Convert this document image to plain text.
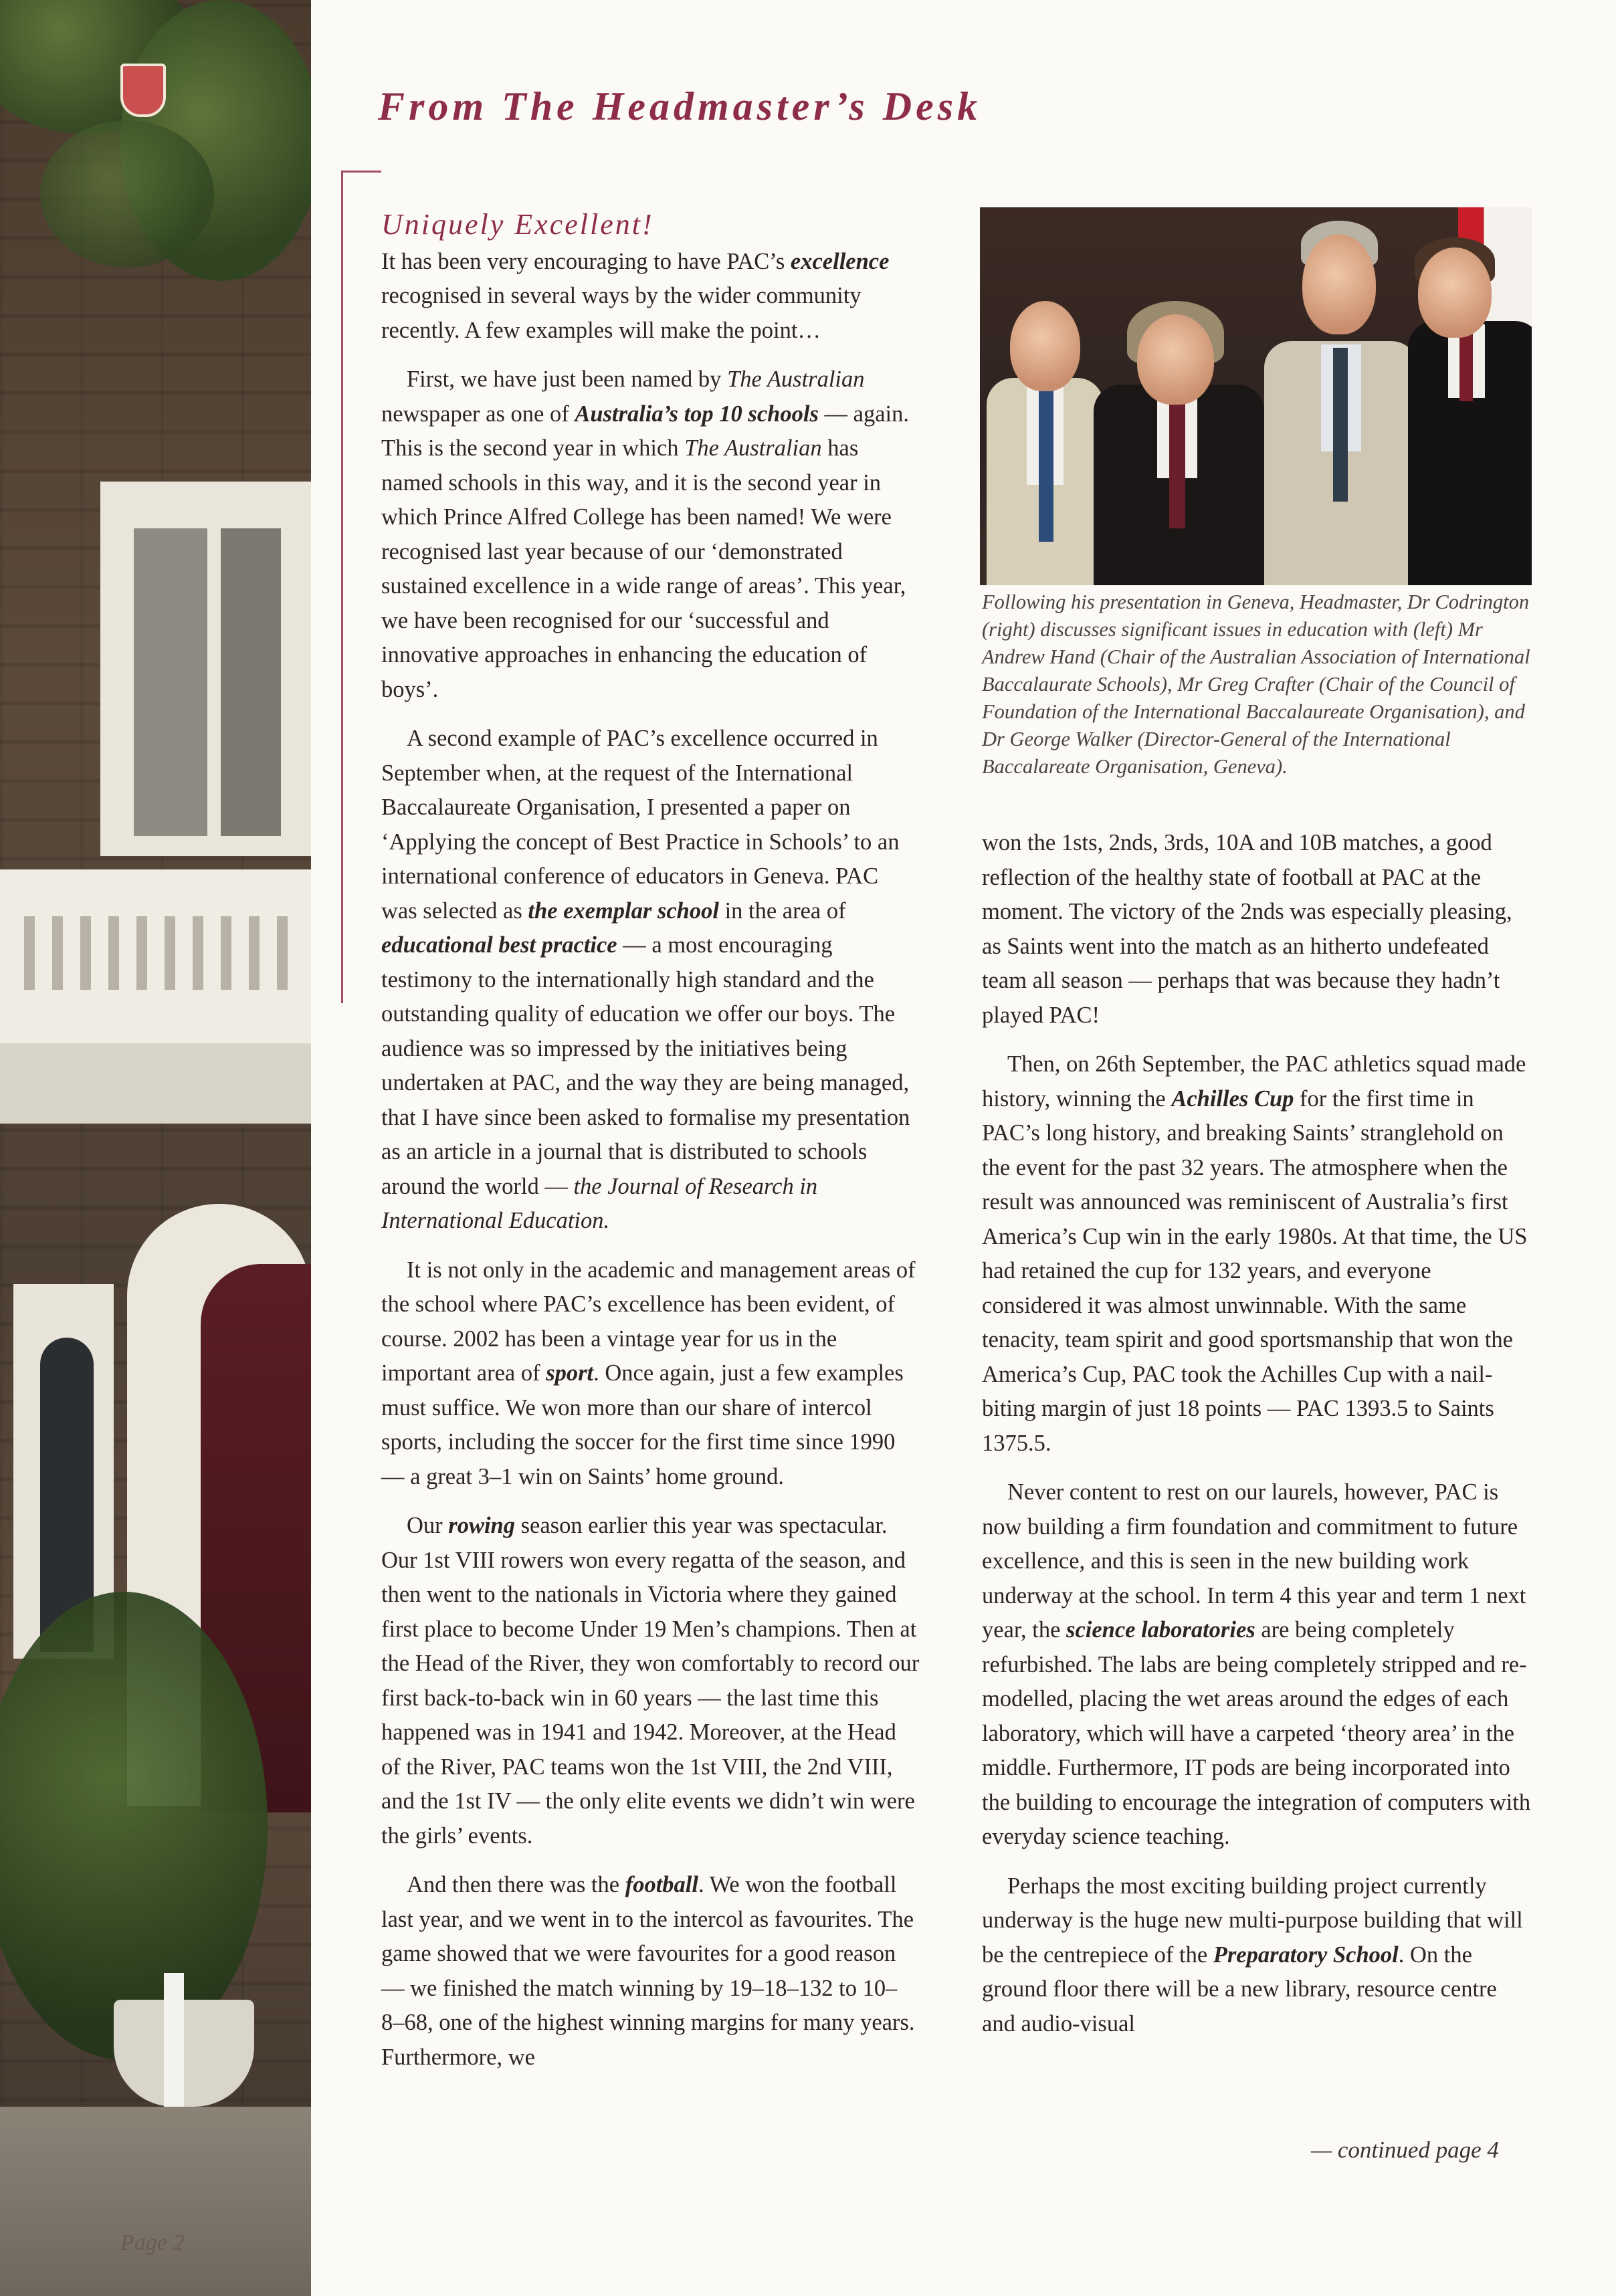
Page 2
From The Headmaster’s Desk
Uniquely Excellent!

It has been very encouraging to have PAC’s excellence recognised in several ways by the wider community recently. A few examples will make the point…

First, we have just been named by The Australian newspaper as one of Australia’s top 10 schools — again. This is the second year in which The Australian has named schools in this way, and it is the second year in which Prince Alfred College has been named! We were recognised last year because of our ‘demonstrated sustained excellence in a wide range of areas’. This year, we have been recognised for our ‘successful and innovative approaches in enhancing the education of boys’.

A second example of PAC’s excellence occurred in September when, at the request of the International Baccalaureate Organisation, I presented a paper on ‘Applying the concept of Best Practice in Schools’ to an international conference of educators in Geneva. PAC was selected as the exemplar school in the area of educational best practice — a most encouraging testimony to the internationally high standard and the outstanding quality of education we offer our boys. The audience was so impressed by the initiatives being undertaken at PAC, and the way they are being managed, that I have since been asked to formalise my presentation as an article in a journal that is distributed to schools around the world — the Journal of Research in International Education.

It is not only in the academic and management areas of the school where PAC’s excellence has been evident, of course. 2002 has been a vintage year for us in the important area of sport. Once again, just a few examples must suffice. We won more than our share of intercol sports, including the soccer for the first time since 1990 — a great 3–1 win on Saints’ home ground.

Our rowing season earlier this year was spectacular. Our 1st VIII rowers won every regatta of the season, and then went to the nationals in Victoria where they gained first place to become Under 19 Men’s champions. Then at the Head of the River, they won comfortably to record our first back-to-back win in 60 years — the last time this happened was in 1941 and 1942. Moreover, at the Head of the River, PAC teams won the 1st VIII, the 2nd VIII, and the 1st IV — the only elite events we didn’t win were the girls’ events.

And then there was the football. We won the football last year, and we went in to the intercol as favourites. The game showed that we were favourites for a good reason — we finished the match winning by 19–18–132 to 10–8–68, one of the highest winning margins for many years. Furthermore, we

Following his presentation in Geneva, Headmaster, Dr Codrington (right) discusses significant issues in education with (left) Mr Andrew Hand (Chair of the Australian Association of International Baccalaurate Schools), Mr Greg Crafter (Chair of the Council of Foundation of the International Baccalaureate Organisation), and Dr George Walker (Director-General of the International Baccalareate Organisation, Geneva).

won the 1sts, 2nds, 3rds, 10A and 10B matches, a good reflection of the healthy state of football at PAC at the moment. The victory of the 2nds was especially pleasing, as Saints went into the match as an hitherto undefeated team all season — perhaps that was because they hadn’t played PAC!

Then, on 26th September, the PAC athletics squad made history, winning the Achilles Cup for the first time in PAC’s long history, and breaking Saints’ stranglehold on the event for the past 32 years. The atmosphere when the result was announced was reminiscent of Australia’s first America’s Cup win in the early 1980s. At that time, the US had retained the cup for 132 years, and everyone considered it was almost unwinnable. With the same tenacity, team spirit and good sportsmanship that won the America’s Cup, PAC took the Achilles Cup with a nail-biting margin of just 18 points — PAC 1393.5 to Saints 1375.5.

Never content to rest on our laurels, however, PAC is now building a firm foundation and commitment to future excellence, and this is seen in the new building work underway at the school. In term 4 this year and term 1 next year, the science laboratories are being completely refurbished. The labs are being completely stripped and re-modelled, placing the wet areas around the edges of each laboratory, which will have a carpeted ‘theory area’ in the middle. Furthermore, IT pods are being incorporated into the building to encourage the integration of computers with everyday science teaching.

Perhaps the most exciting building project currently underway is the huge new multi-purpose building that will be the centrepiece of the Preparatory School. On the ground floor there will be a new library, resource centre and audio-visual

— continued page 4
